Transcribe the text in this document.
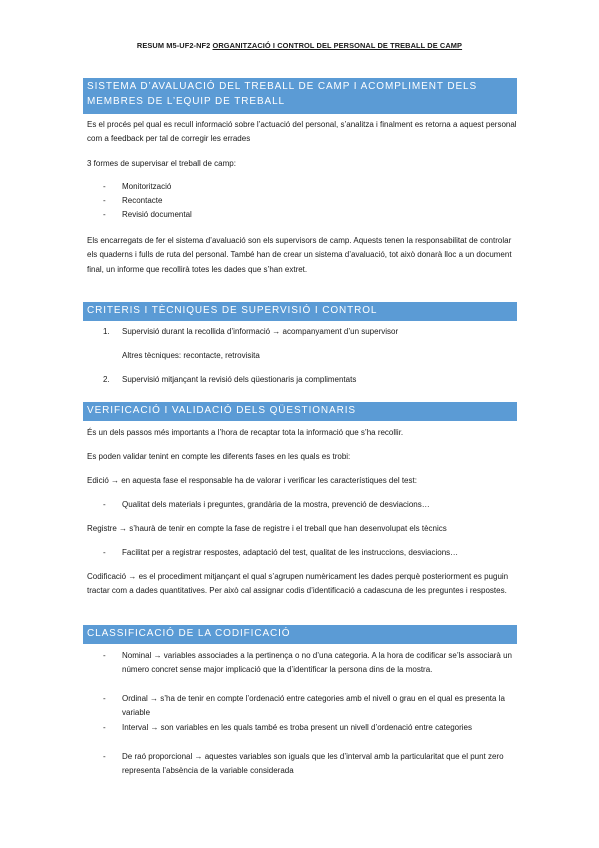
RESUM M5-UF2-NF2 ORGANITZACIÓ I CONTROL DEL PERSONAL DE TREBALL DE CAMP
SISTEMA D’AVALUACIÓ DEL TREBALL DE CAMP I ACOMPLIMENT DELS MEMBRES DE L’EQUIP DE TREBALL
Es el procés pel qual es recull informació sobre l’actuació del personal, s’analitza i finalment es retorna a aquest personal com a feedback per tal de corregir les errades
3 formes de supervisar el treball de camp:
-	Monitorització
-	Recontacte
-	Revisió documental
Els encarregats de fer el sistema d’avaluació son els supervisors de camp. Aquests tenen la responsabilitat de controlar els quaderns i fulls de ruta del personal. També han de crear un sistema d’avaluació, tot això donarà lloc a un document final, un informe que recollirà totes les dades que s’han extret.
CRITERIS I TÈCNIQUES DE SUPERVISIÓ I CONTROL
1.	Supervisió durant la recollida d’informació → acompanyament d’un supervisor
Altres tècniques: recontacte, retrovisita
2.	Supervisió mitjançant la revisió dels qüestionaris ja complimentats
VERIFICACIÓ I VALIDACIÓ DELS QÜESTIONARIS
És un dels passos més importants a l’hora de recaptar tota la informació que s’ha recollir.
Es poden validar tenint en compte les diferents fases en les quals es trobi:
Edició → en aquesta fase el responsable ha de valorar i verificar les característiques del test:
-	Qualitat dels materials i preguntes, grandària de la mostra, prevenció de desviacions…
Registre → s’haurà de tenir en compte la fase de registre i el treball que han desenvolupat els tècnics
-	Facilitat per a registrar respostes, adaptació del test, qualitat de les instruccions, desviacions…
Codificació → es el procediment mitjançant el qual s’agrupen numèricament les dades perquè posteriorment es puguin tractar com a dades quantitatives. Per això cal assignar codis d’identificació a cadascuna de les preguntes i respostes.
CLASSIFICACIÓ DE LA CODIFICACIÓ
-	Nominal → variables associades a la pertinença o no d’una categoria. A la hora de codificar se’ls associarà un número concret sense major implicació que la d’identificar la persona dins de la mostra.
-	Ordinal → s’ha de tenir en compte l’ordenació entre categories amb el nivell o grau en el qual es presenta la variable
-	Interval → son variables en les quals també es troba present un nivell d’ordenació entre categories
-	De raó proporcional → aquestes variables son iguals que les d’interval amb la particularitat que el punt zero representa l’absència de la variable considerada
